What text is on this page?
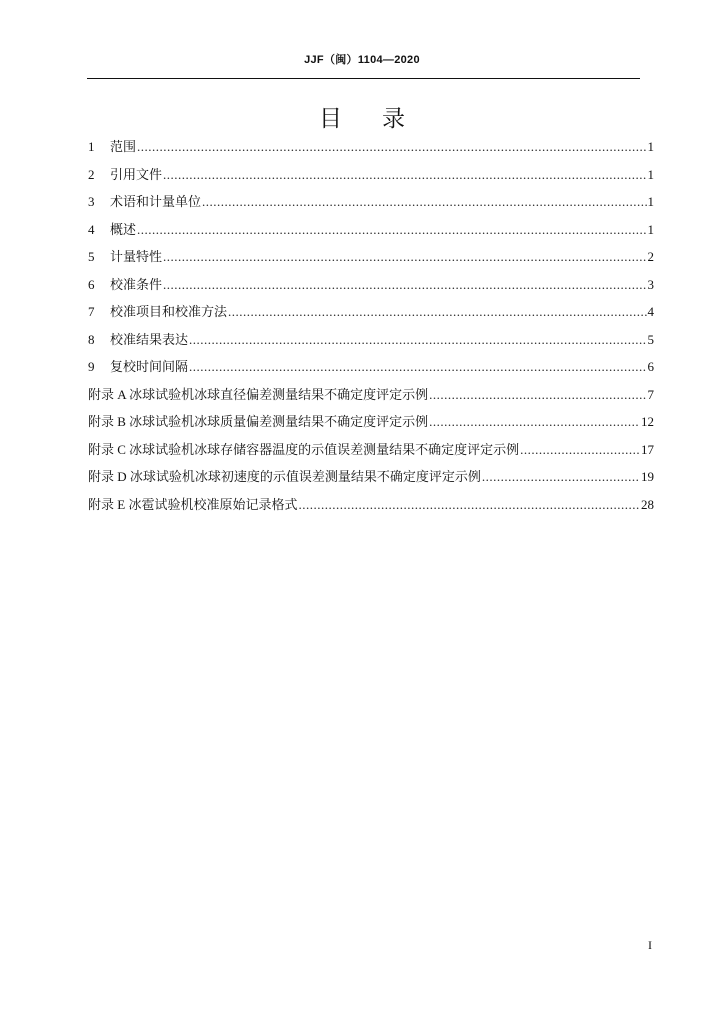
JJF（闽）1104—2020
目录
1 范围 .....	1
2 引用文件 .....	1
3 术语和计量单位 .....	1
4 概述 .....	1
5 计量特性 .....	2
6 校准条件 .....	3
7 校准项目和校准方法 .....	4
8 校准结果表达 .....	5
9 复校时间间隔 .....	6
附录 A 冰球试验机冰球直径偏差测量结果不确定度评定示例 .....	7
附录 B 冰球试验机冰球质量偏差测量结果不确定度评定示例 .....	12
附录 C 冰球试验机冰球存储容器温度的示值误差测量结果不确定度评定示例 .....	17
附录 D 冰球试验机冰球初速度的示值误差测量结果不确定度评定示例 .....	19
附录 E 冰雹试验机校准原始记录格式 .....	28
I
